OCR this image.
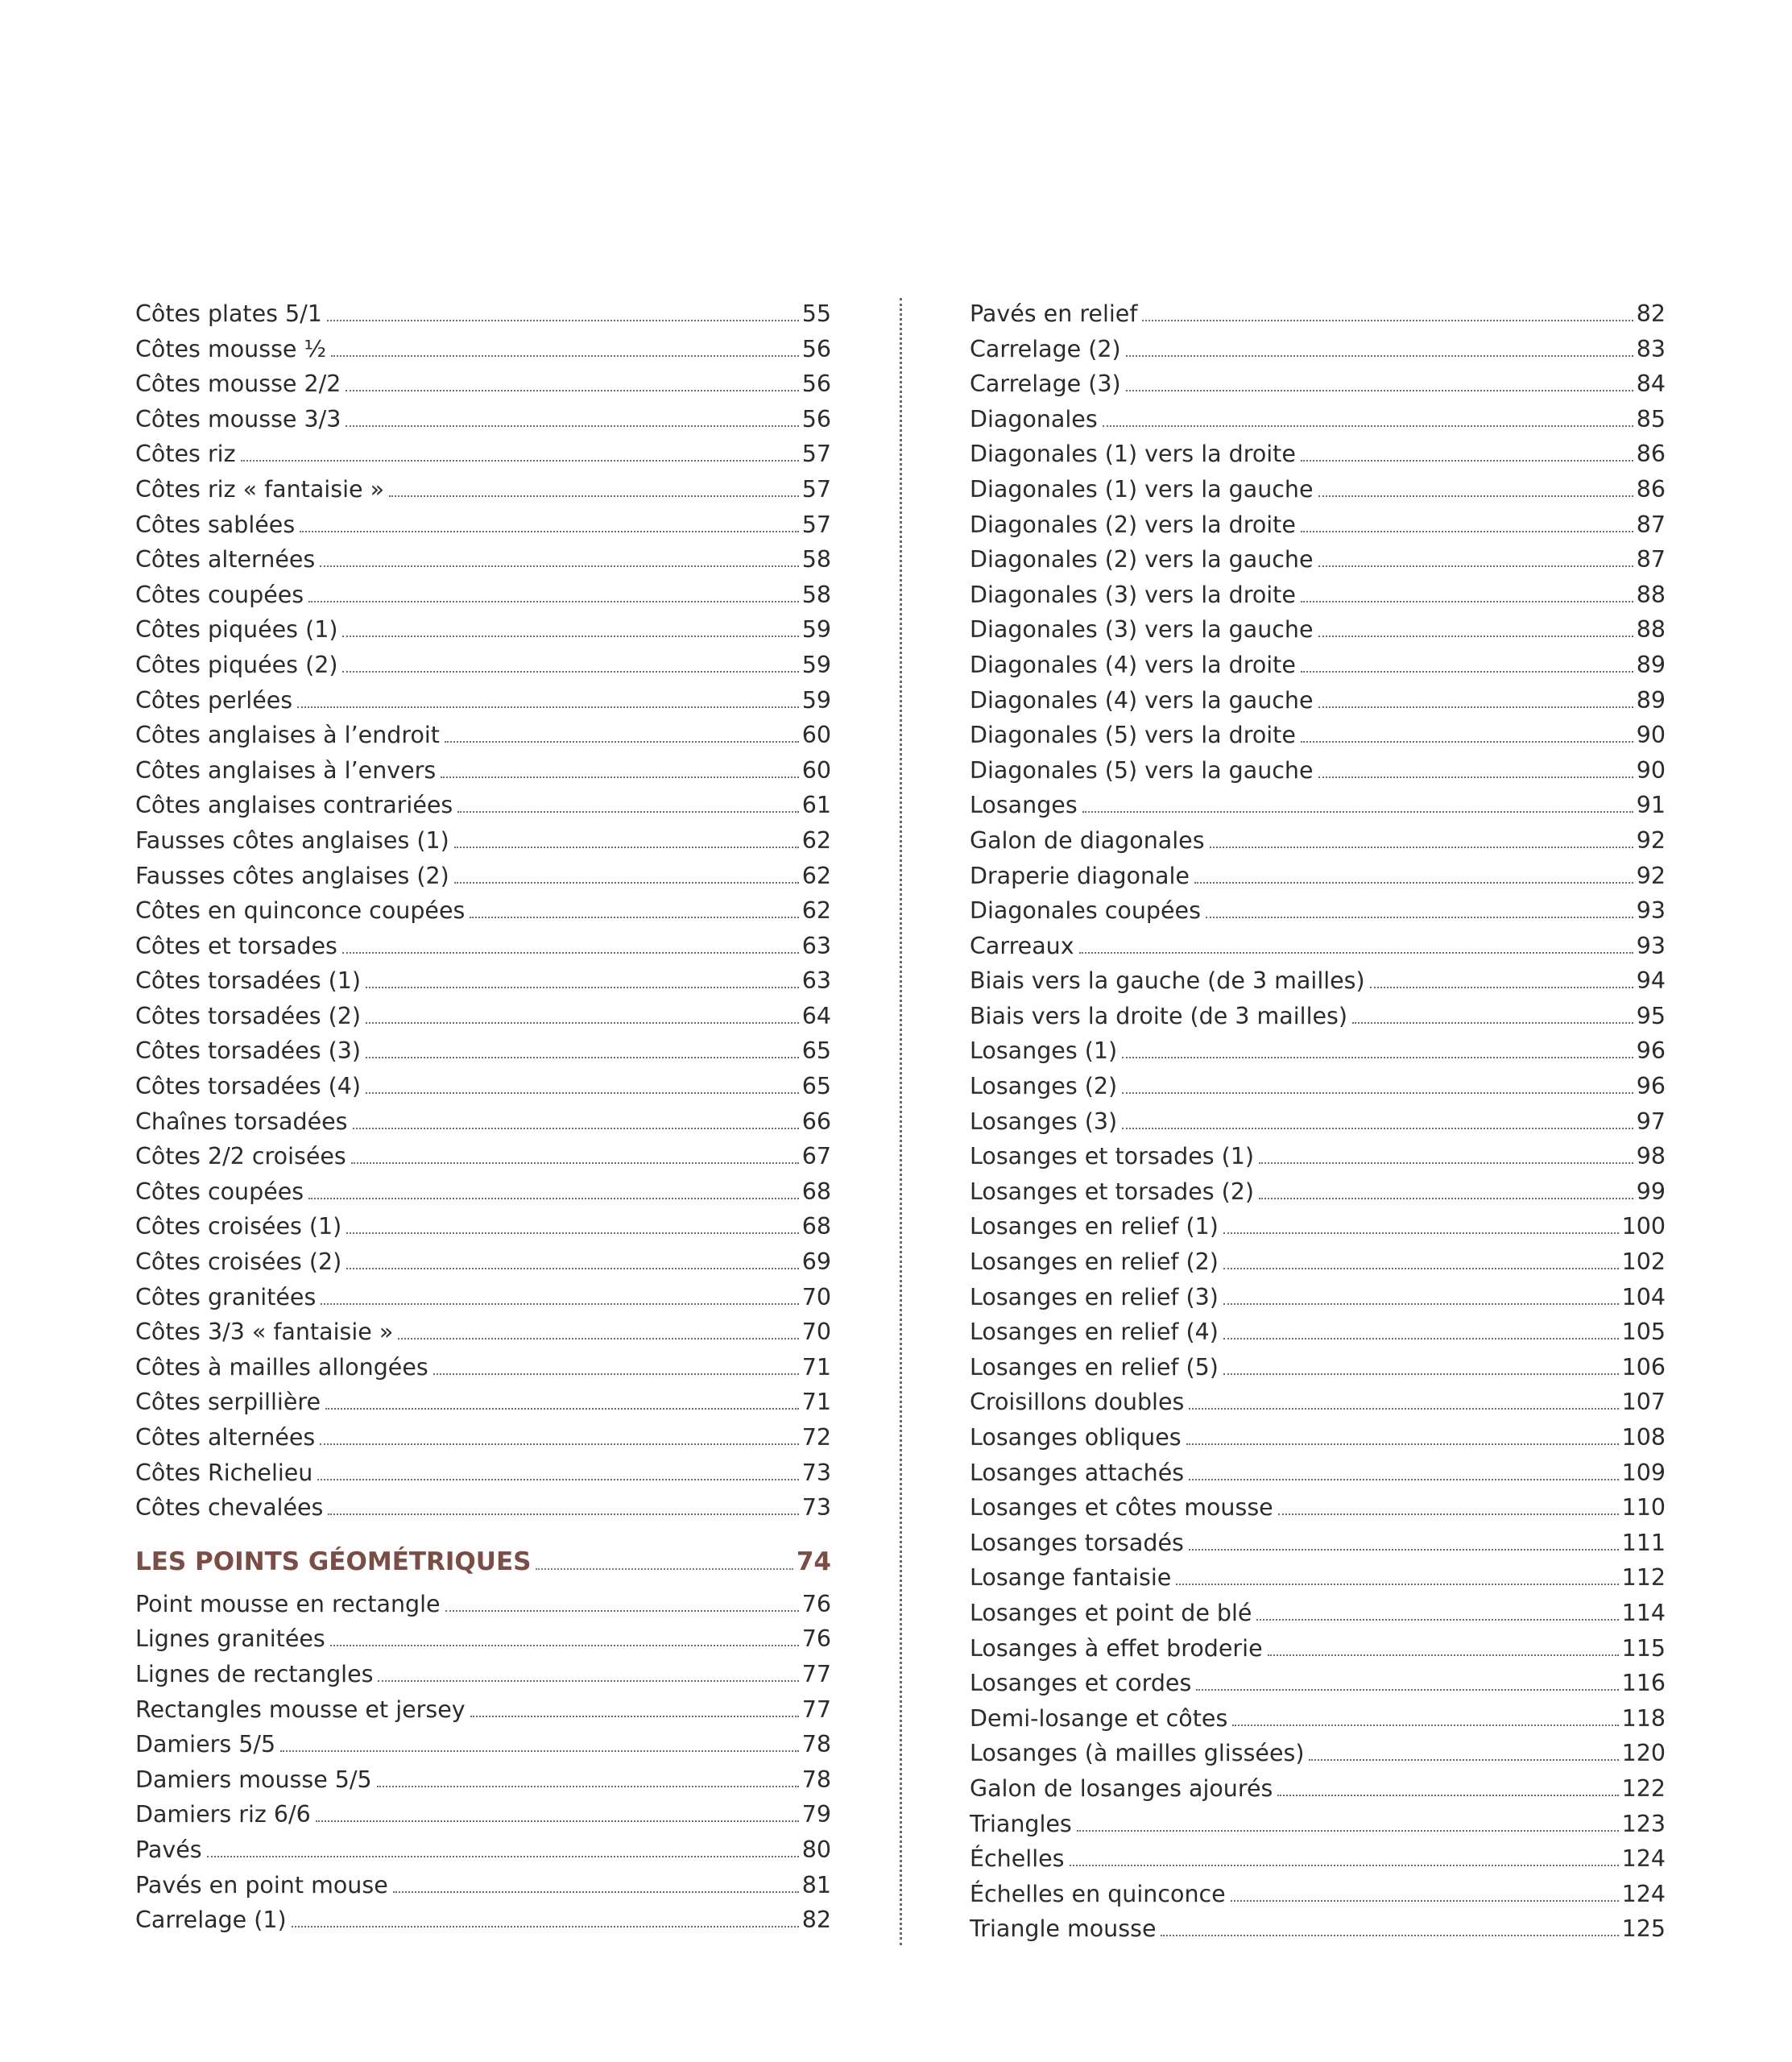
Côtes plates 5/1	55
Côtes mousse ½	56
Côtes mousse 2/2	56
Côtes mousse 3/3	56
Côtes riz	57
Côtes riz « fantaisie »	57
Côtes sablées	57
Côtes alternées	58
Côtes coupées	58
Côtes piquées (1)	59
Côtes piquées (2)	59
Côtes perlées	59
Côtes anglaises à l’endroit	60
Côtes anglaises à l’envers	60
Côtes anglaises contrariées	61
Fausses côtes anglaises (1)	62
Fausses côtes anglaises (2)	62
Côtes en quinconce coupées	62
Côtes et torsades	63
Côtes torsadées (1)	63
Côtes torsadées (2)	64
Côtes torsadées (3)	65
Côtes torsadées (4)	65
Chaînes torsadées	66
Côtes 2/2 croisées	67
Côtes coupées	68
Côtes croisées (1)	68
Côtes croisées (2)	69
Côtes granitées	70
Côtes 3/3 « fantaisie »	70
Côtes à mailles allongées	71
Côtes serpillière	71
Côtes alternées	72
Côtes Richelieu	73
Côtes chevalées	73
LES POINTS GÉOMÉTRIQUES	74
Point mousse en rectangle	76
Lignes granitées	76
Lignes de rectangles	77
Rectangles mousse et jersey	77
Damiers 5/5	78
Damiers mousse 5/5	78
Damiers riz 6/6	79
Pavés	80
Pavés en point mouse	81
Carrelage (1)	82
Pavés en relief	82
Carrelage (2)	83
Carrelage (3)	84
Diagonales	85
Diagonales (1) vers la droite	86
Diagonales (1) vers la gauche	86
Diagonales (2) vers la droite	87
Diagonales (2) vers la gauche	87
Diagonales (3) vers la droite	88
Diagonales (3) vers la gauche	88
Diagonales (4) vers la droite	89
Diagonales (4) vers la gauche	89
Diagonales (5) vers la droite	90
Diagonales (5) vers la gauche	90
Losanges	91
Galon de diagonales	92
Draperie diagonale	92
Diagonales coupées	93
Carreaux	93
Biais vers la gauche (de 3 mailles)	94
Biais vers la droite (de 3 mailles)	95
Losanges (1)	96
Losanges (2)	96
Losanges (3)	97
Losanges et torsades (1)	98
Losanges et torsades (2)	99
Losanges en relief (1)	100
Losanges en relief (2)	102
Losanges en relief (3)	104
Losanges en relief (4)	105
Losanges en relief (5)	106
Croisillons doubles	107
Losanges obliques	108
Losanges attachés	109
Losanges et côtes mousse	110
Losanges torsadés	111
Losange fantaisie	112
Losanges et point de blé	114
Losanges à effet broderie	115
Losanges et cordes	116
Demi-losange et côtes	118
Losanges (à mailles glissées)	120
Galon de losanges ajourés	122
Triangles	123
Échelles	124
Échelles en quinconce	124
Triangle mousse	125
